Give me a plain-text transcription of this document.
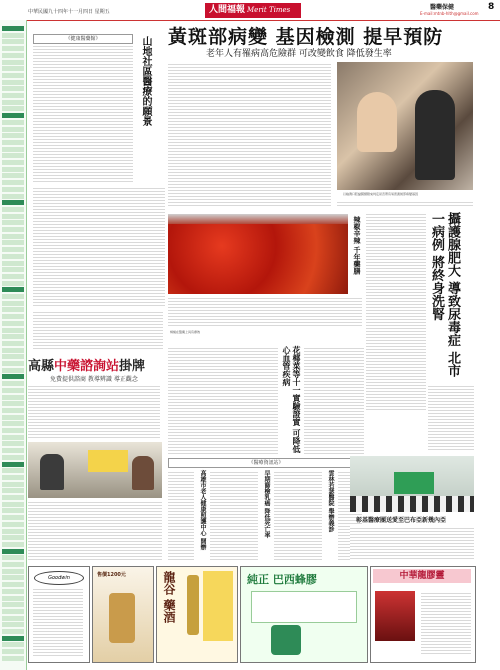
中華民國九十四年十一月四日 星期五	人間福報 Merit Times	醫藥保健
E-mail:mtnb-hlth@gmail.com
8
《健康醫藥館》	山地社區醫療的願景 黃斑部病變 基因檢測 提早預防
老年人有罹病高危險群 可改變飲食 降低發生率
以檢測口腔黏膜細胞來判定是否帶有易患黃斑部病變基因
辣椒辛辣 千年藥膳
辣椒在醫藥上具有療效	攝護腺肥大 導致尿毒症 北市一病例 將終身洗腎
高縣中藥諮詢站掛牌
免費提供諮商 教導辨識 導正觀念	花椰菜等十一實驗證實 可降低心血管疾病
《醫療資訊站》
高雄市老人健康照護中心 開辦	早期篩檢乳癌 降低死亡率	雲林若瑟醫院 舉辦義診	彰基醫療團送愛至巴布亞新幾內亞
Goodwin	售價1200元	龍谷 藥酒	純正 巴西蜂膠	中華龍膠靈
